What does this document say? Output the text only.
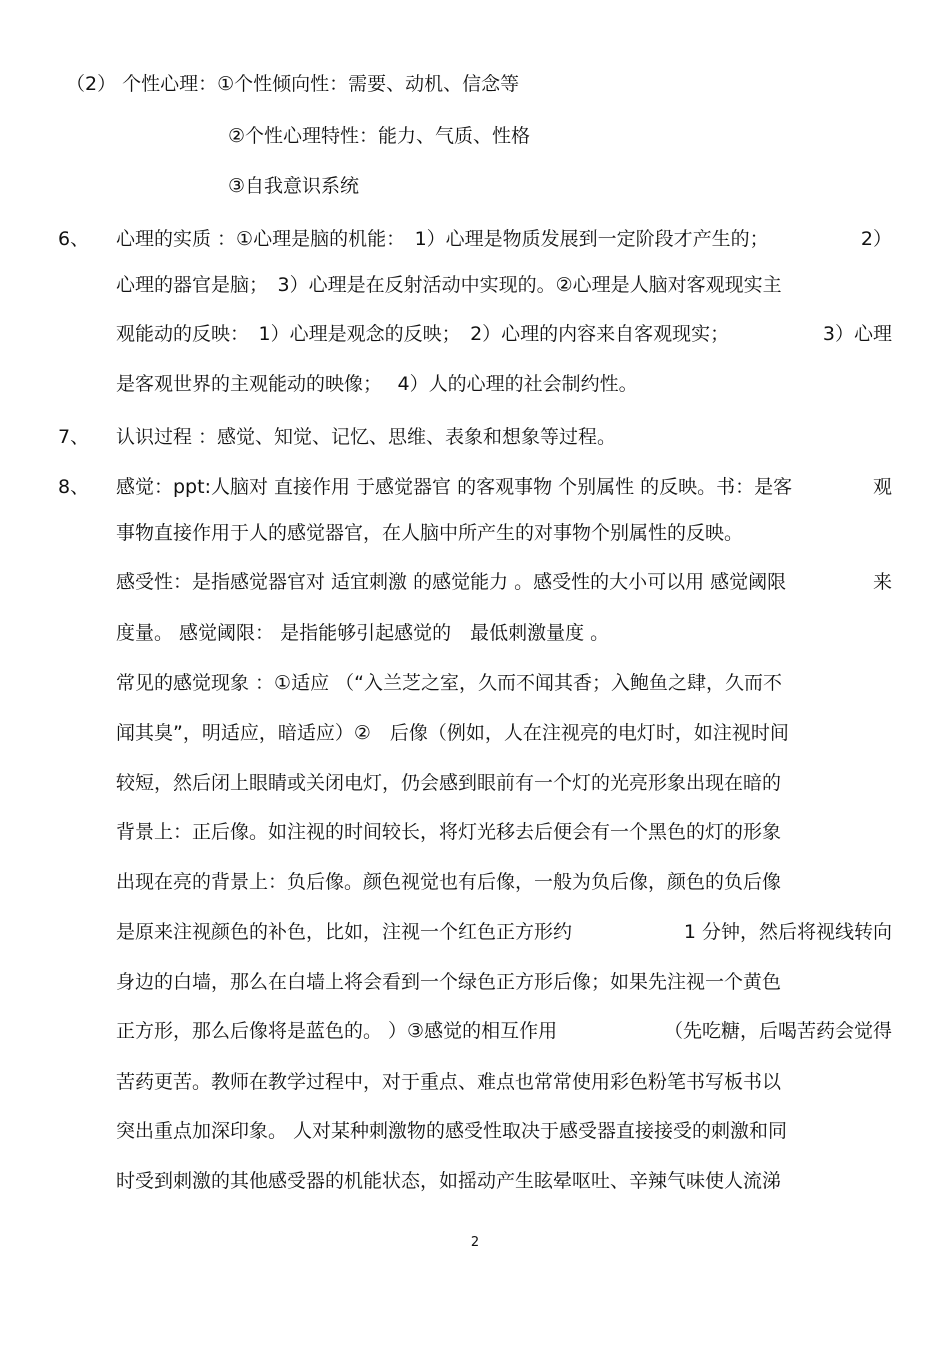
（2） 个性心理：①个性倾向性：需要、动机、信念等
②个性心理特性：能力、气质、性格
③自我意识系统
6、 心理的实质 ：①心理是脑的机能：　1）心理是物质发展到一定阶段才产生的；	2）
心理的器官是脑；　3）心理是在反射活动中实现的。②心理是人脑对客观现实主
观能动的反映：　1）心理是观念的反映；　2）心理的内容来自客观现实；	3）心理
是客观世界的主观能动的映像；　 4）人的心理的社会制约性。
7、 认识过程 ：感觉、知觉、记忆、思维、表象和想象等过程。
8、 感觉：ppt:人脑对 直接作用 于感觉器官 的客观事物 个别属性 的反映。书：是客	观
事物直接作用于人的感觉器官，在人脑中所产生的对事物个别属性的反映。
感受性：是指感觉器官对 适宜刺激 的感觉能力 。感受性的大小可以用 感觉阈限	来
度量。 感觉阈限： 是指能够引起感觉的　最低刺激量度 。
常见的感觉现象 ：①适应 （“入兰芝之室，久而不闻其香；入鲍鱼之肆，久而不
闻其臭”，明适应，暗适应）②　后像（例如，人在注视亮的电灯时，如注视时间
较短，然后闭上眼睛或关闭电灯，仍会感到眼前有一个灯的光亮形象出现在暗的
背景上：正后像。如注视的时间较长，将灯光移去后便会有一个黑色的灯的形象
出现在亮的背景上：负后像。颜色视觉也有后像，一般为负后像，颜色的负后像
是原来注视颜色的补色，比如，注视一个红色正方形约	1 分钟，然后将视线转向
身边的白墙，那么在白墙上将会看到一个绿色正方形后像；如果先注视一个黄色
正方形，那么后像将是蓝色的。 ）③感觉的相互作用	（先吃糖，后喝苦药会觉得
苦药更苦。教师在教学过程中，对于重点、难点也常常使用彩色粉笔书写板书以
突出重点加深印象。 人对某种刺激物的感受性取决于感受器直接接受的刺激和同
时受到刺激的其他感受器的机能状态，如摇动产生眩晕呕吐、辛辣气味使人流涕
2
